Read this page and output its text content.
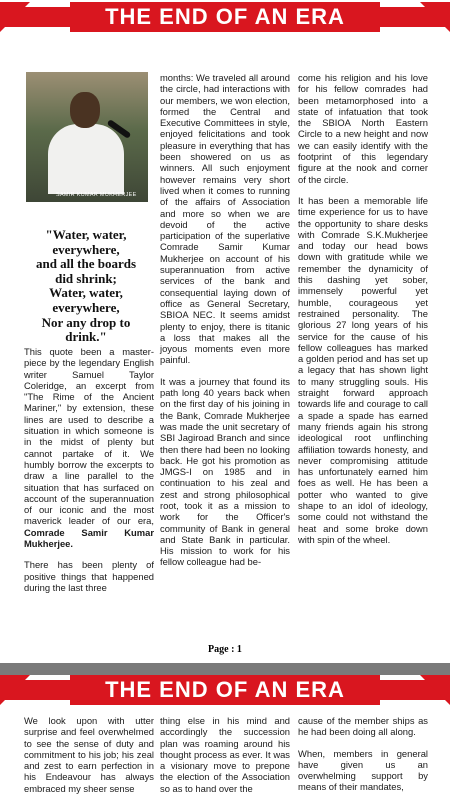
THE END OF AN ERA
SAMIR KUMAR MUKHERJEE
"Water, water,
everywhere,
and all the boards
did shrink;
Water, water,
everywhere,
Nor any drop to
drink."

This quote been a master-piece by the legendary English writer Samuel Taylor Coleridge, an excerpt from "The Rime of the Ancient Mariner," by extension, these lines are used to describe a situation in which someone is in the midst of plenty but cannot partake of it. We humbly borrow the excerpts to draw a line parallel to the situation that has surfaced on account of the superannuation of our iconic and the most maverick leader of our era, Comrade Samir Kumar Mukherjee.

There has been plenty of positive things that happened during the last three

months: We traveled all around the circle, had interactions with our members, we won election, formed the Central and Executive Committees in style, enjoyed felicitations and took pleasure in everything that has been showered on us as winners. All such enjoyment however remains very short lived when it comes to running of the affairs of Association and more so when we are devoid of the active participation of the superlative Comrade Samir Kumar Mukherjee on account of his superannuation from active services of the bank and consequential laying down of office as General Secretary, SBIOA NEC. It seems amidst plenty to enjoy, there is titanic a loss that makes all the joyous moments even more painful.

It was a journey that found its path long 40 years back when on the first day of his joining in the Bank, Comrade Mukherjee was made the unit secretary of SBI Jagiroad Branch and since then there had been no looking back. He got his promotion as JMGS-I on 1985 and in continuation to his zeal and zest and strong philosophical root, took it as a mission to work for the Officer's community of Bank in general and State Bank in particular. His mission to work for his fellow colleague had be-

come his religion and his love for his fellow comrades had been metamorphosed into a state of infatuation that took the SBIOA North Eastern Circle to a new height and now we can easily identify with the footprint of this legendary figure at the nook and corner of the circle.

It has been a memorable life time experience for us to have the opportunity to share desks with Comrade S.K.Mukherjee and today our head bows down with gratitude while we remember the dynamicity of this dashing yet sober, immensely powerful yet humble, courageous yet restrained personality. The glorious 27 long years of his service for the cause of his fellow colleagues has marked a golden period and has set up a legacy that has shown light to many struggling souls. His straight forward approach towards life and courage to call a spade a spade has earned many friends again his strong ideological root unflinching affiliation towards honesty, and never compromising attitude has unfortunately earned him foes as well. He has been a potter who wanted to give shape to an idol of ideology, some could not withstand the heat and some broke down with spin of the wheel.

Page : 1
THE END OF AN ERA

We look upon with utter surprise and feel overwhelmed to see the sense of duty and commitment to his job; his zeal and zest to earn perfection in his Endeavour has always embraced my sheer sense

thing else in his mind and accordingly the succession plan was roaming around his thought process as ever. It was a visionary move to prepone the election of the Association so as to hand over the

cause of the member ships as he had been doing all along.

When, members in general have given us an overwhelming support by means of their mandates,
